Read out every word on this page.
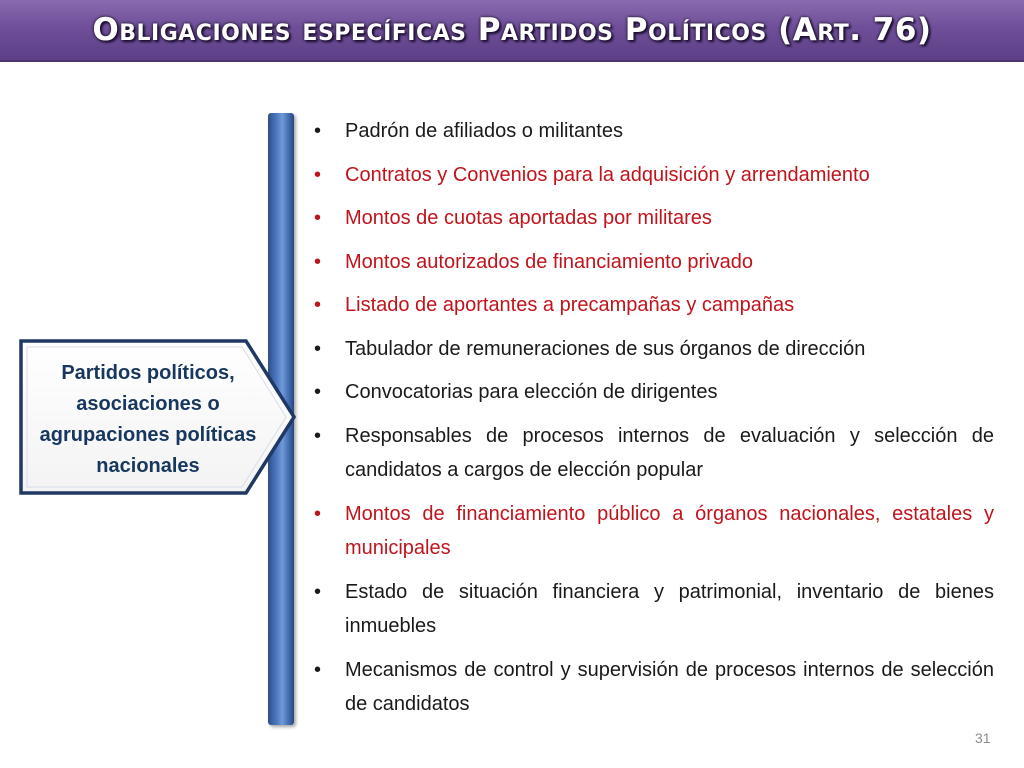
Obligaciones específicas Partidos Políticos (Art. 76)
Partidos políticos, asociaciones o agrupaciones políticas nacionales
• Padrón de afiliados o militantes
• Contratos y Convenios para la adquisición y arrendamiento
• Montos de cuotas aportadas por militares
• Montos autorizados de financiamiento privado
• Listado de aportantes a precampañas y campañas
• Tabulador de remuneraciones de sus órganos de dirección
• Convocatorias para elección de dirigentes
• Responsables de procesos internos de evaluación y selección de candidatos a cargos de elección popular
• Montos de financiamiento público a órganos nacionales, estatales y municipales
• Estado de situación financiera y patrimonial, inventario de bienes inmuebles
• Mecanismos de control y supervisión de procesos internos de selección de candidatos
31
